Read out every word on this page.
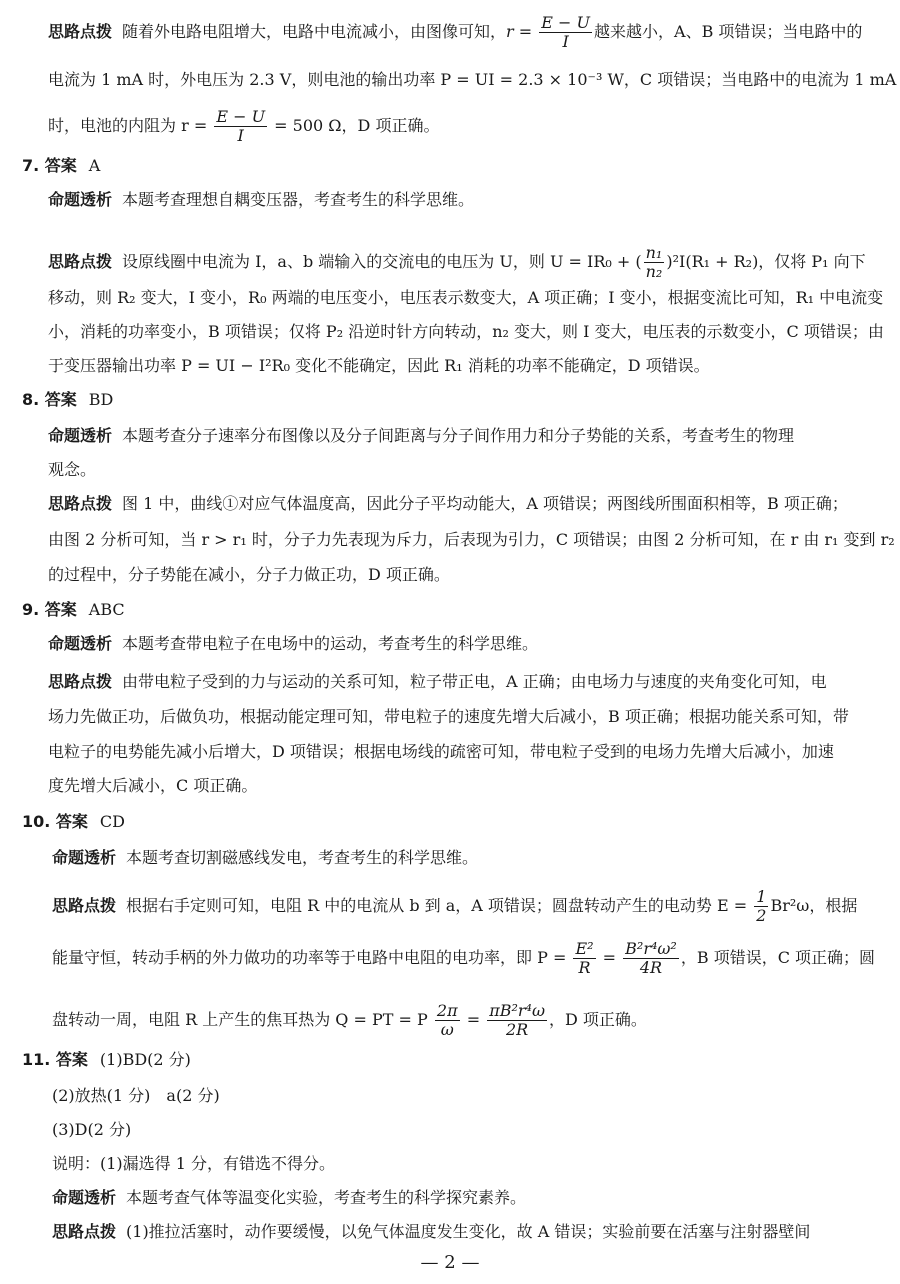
思路点拨 随着外电路电阻增大，电路中电流减小，由图像可知，$r = \frac{E - U}{I}$ 越来越小，A、B 项错误；当电路中的
电流为 1 mA 时，外电压为 2.3 V，则电池的输出功率 P = UI = 2.3 × 10⁻³ W，C 项错误；当电路中的电流为 1 mA
时，电池的内阻为 $r = \frac{E - U}{I} = 500$ Ω，D 项正确。
7. 答案 A
命题透析 本题考查理想自耦变压器，考查考生的科学思维。
思路点拨 设原线圈中电流为 I，a、b 端输入的交流电的电压为 U，则 U = IR₀ + ( $\frac{\text{n₁}}{\text{n₂}} )^2I(R_1 + R_2)$，仅将 P₁ 向下
移动，则 R₂ 变大，I 变小，R₀ 两端的电压变小，电压表示数变大，A 项正确；I 变小，根据变流比可知，R₁ 中电流变
小，消耗的功率变小，B 项错误；仅将 P₂ 沿逆时针方向转动，n₂ 变大，则 I 变大，电压表的示数变小，C 项错误；由
于变压器输出功率 P = UI − I²R₀ 变化不能确定，因此 R₁ 消耗的功率不能确定，D 项错误。
8. 答案 BD
命题透析 本题考查分子速率分布图像以及分子间距离与分子间作用力和分子势能的关系，考查考生的物理
观念。
思路点拨 图 1 中，曲线①对应气体温度高，因此分子平均动能大，A 项错误；两图线所围面积相等，B 项正确；
由图 2 分析可知，当 r > r₁ 时，分子力先表现为斥力，后表现为引力，C 项错误；由图 2 分析可知，在 r 由 r₁ 变到 r₂
的过程中，分子势能在减小，分子力做正功，D 项正确。
9. 答案 ABC
命题透析 本题考查带电粒子在电场中的运动，考查考生的科学思维。
思路点拨 由带电粒子受到的力与运动的关系可知，粒子带正电，A 正确；由电场力与速度的夹角变化可知，电
场力先做正功，后做负功，根据动能定理可知，带电粒子的速度先增大后减小，B 项正确；根据功能关系可知，带
电粒子的电势能先减小后增大，D 项错误；根据电场线的疏密可知，带电粒子受到的电场力先增大后减小，加速
度先增大后减小，C 项正确。
10. 答案 CD
命题透析 本题考查切割磁感线发电，考查考生的科学思维。
思路点拨 根据右手定则可知，电阻 R 中的电流从 b 到 a，A 项错误；圆盘转动产生的电动势 $E = \frac{1}{2} Br^2\omega$，根据
能量守恒，转动手柄的外力做功的功率等于电路中电阻的电功率，即 $P = \frac{\text{E²}}{R} = \frac{\text{B²r⁴ω²}}{4R}$ ，B 项错误，C 项正确；圆
盘转动一周，电阻 R 上产生的焦耳热为 Q = PT = P $\frac{2\pi}{\omega} = \frac{\text{πB²r⁴ω}}{2R}$ ，D 项正确。
11. 答案 (1)BD(2 分)
(2)放热(1 分)　a(2 分)
(3)D(2 分)
说明：(1)漏选得 1 分，有错选不得分。
命题透析 本题考查气体等温变化实验，考查考生的科学探究素养。
思路点拨 (1)推拉活塞时，动作要缓慢，以免气体温度发生变化，故 A 错误；实验前要在活塞与注射器壁间
— 2 —
